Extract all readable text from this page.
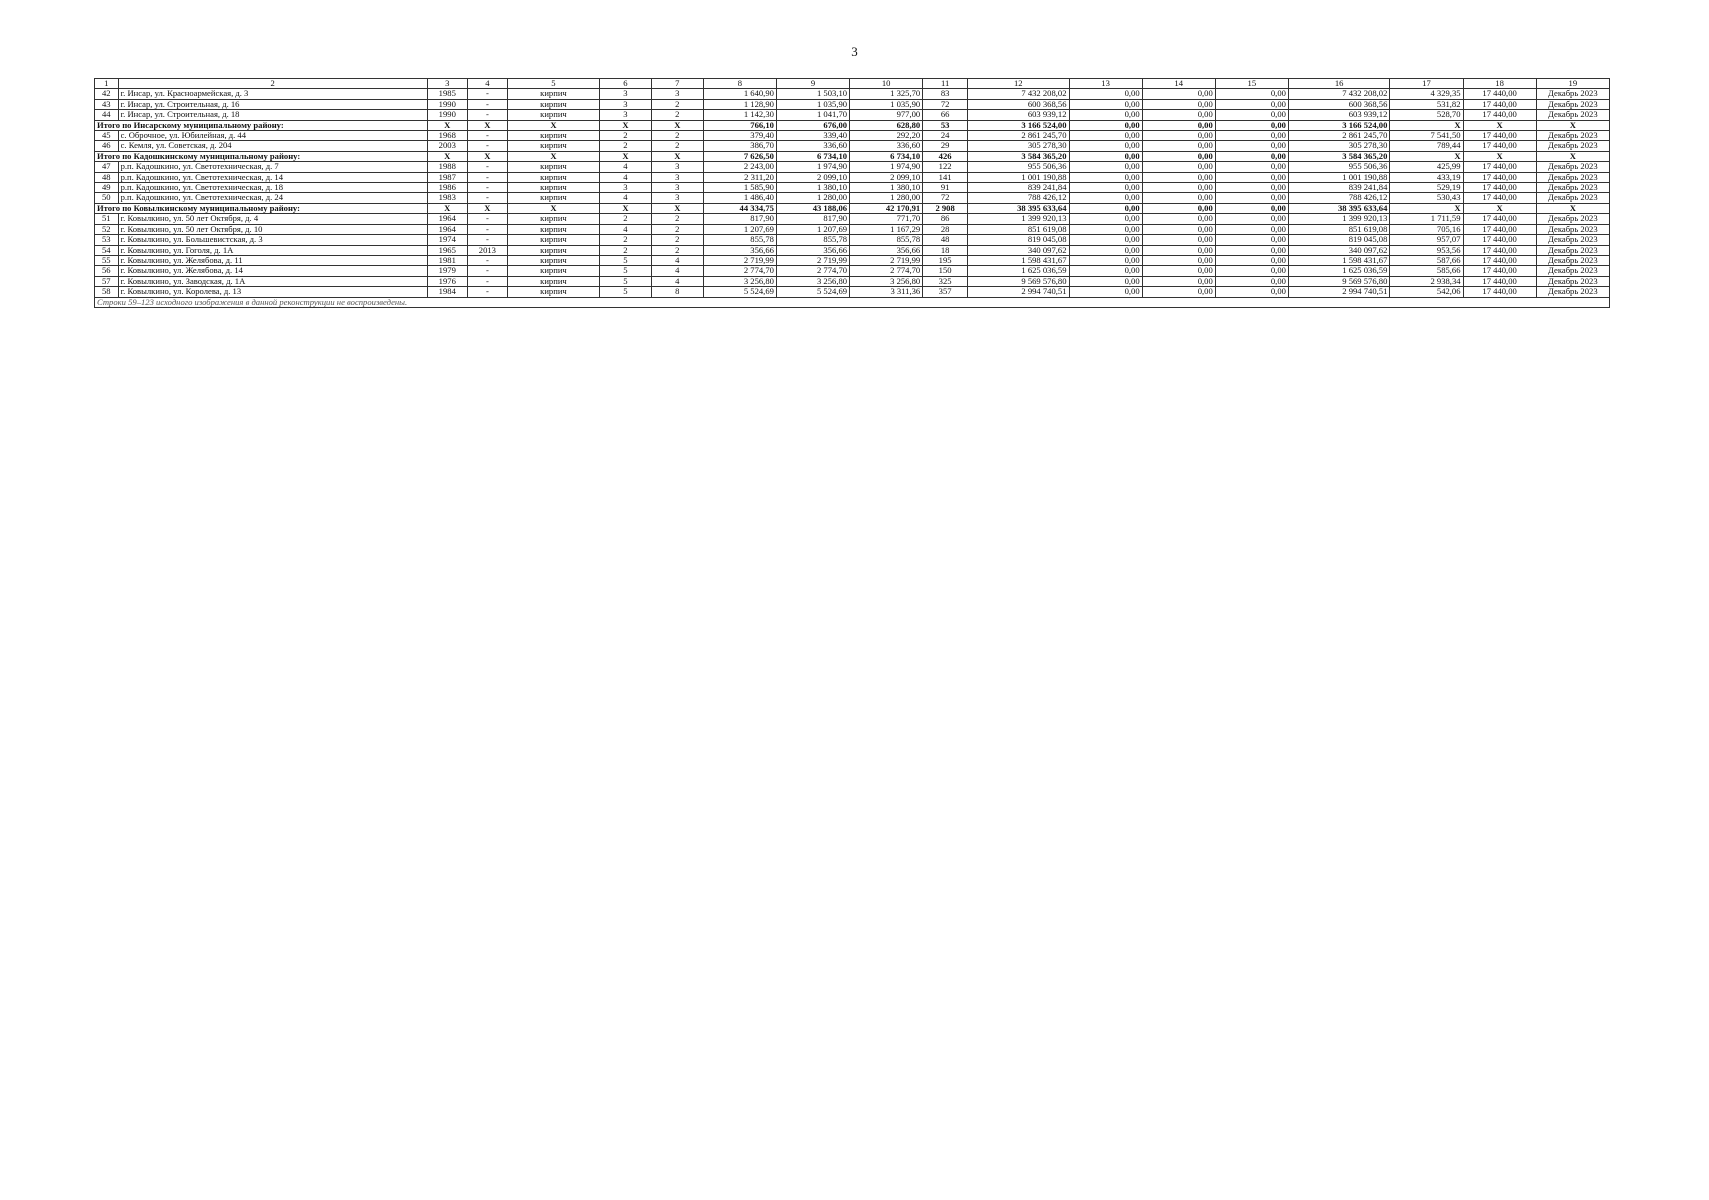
3
1	2	3	4	5	6	7	8	9	10	11	12	13	14	15	16	17	18	19
42	г. Инсар, ул. Красноармейская, д. 3	1985	-	кирпич	3	3	1 640,90	1 503,10	1 325,70	83	7 432 208,02	0,00	0,00	0,00	7 432 208,02	4 329,35	17 440,00	Декабрь 2023
43	г. Инсар, ул. Строительная, д. 16	1990	-	кирпич	3	2	1 128,90	1 035,90	1 035,90	72	600 368,56	0,00	0,00	0,00	600 368,56	531,82	17 440,00	Декабрь 2023
44	г. Инсар, ул. Строительная, д. 18	1990	-	кирпич	3	2	1 142,30	1 041,70	977,00	66	603 939,12	0,00	0,00	0,00	603 939,12	528,70	17 440,00	Декабрь 2023
Итого по Инсарскому муниципальному району:		X	X	X	X	X	766,10	676,00	628,80	53	3 166 524,00	0,00	0,00	0,00	3 166 524,00	X	X	X
45	с. Оброчное, ул. Юбилейная, д. 44	1968	-	кирпич	2	2	379,40	339,40	292,20	24	2 861 245,70	0,00	0,00	0,00	2 861 245,70	7 541,50	17 440,00	Декабрь 2023
46	с. Кемля, ул. Советская, д. 204	2003	-	кирпич	2	2	386,70	336,60	336,60	29	305 278,30	0,00	0,00	0,00	305 278,30	789,44	17 440,00	Декабрь 2023
Итого по Кадошкинскому муниципальному району:		X	X	X	X	X	7 626,50	6 734,10	6 734,10	426	3 584 365,20	0,00	0,00	0,00	3 584 365,20	X	X	X
47	р.п. Кадошкино, ул. Светотехническая, д. 7	1988	-	кирпич	4	3	2 243,00	1 974,90	1 974,90	122	955 506,36	0,00	0,00	0,00	955 506,36	425,99	17 440,00	Декабрь 2023
48	р.п. Кадошкино, ул. Светотехническая, д. 14	1987	-	кирпич	4	3	2 311,20	2 099,10	2 099,10	141	1 001 190,88	0,00	0,00	0,00	1 001 190,88	433,19	17 440,00	Декабрь 2023
49	р.п. Кадошкино, ул. Светотехническая, д. 18	1986	-	кирпич	3	3	1 585,90	1 380,10	1 380,10	91	839 241,84	0,00	0,00	0,00	839 241,84	529,19	17 440,00	Декабрь 2023
50	р.п. Кадошкино, ул. Светотехническая, д. 24	1983	-	кирпич	4	3	1 486,40	1 280,00	1 280,00	72	788 426,12	0,00	0,00	0,00	788 426,12	530,43	17 440,00	Декабрь 2023
Итого по Ковылкинскому муниципальному району:		X	X	X	X	X	44 334,75	43 188,06	42 170,91	2 908	38 395 633,64	0,00	0,00	0,00	38 395 633,64	X	X	X
51	г. Ковылкино, ул. 50 лет Октября, д. 4	1964	-	кирпич	2	2	817,90	817,90	771,70	86	1 399 920,13	0,00	0,00	0,00	1 399 920,13	1 711,59	17 440,00	Декабрь 2023
52	г. Ковылкино, ул. 50 лет Октября, д. 10	1964	-	кирпич	4	2	1 207,69	1 207,69	1 167,29	28	851 619,08	0,00	0,00	0,00	851 619,08	705,16	17 440,00	Декабрь 2023
53	г. Ковылкино, ул. Большевистская, д. 3	1974	-	кирпич	2	2	855,78	855,78	855,78	48	819 045,08	0,00	0,00	0,00	819 045,08	957,07	17 440,00	Декабрь 2023
54	г. Ковылкино, ул. Гоголя, д. 1А	1965	2013	кирпич	2	2	356,66	356,66	356,66	18	340 097,62	0,00	0,00	0,00	340 097,62	953,56	17 440,00	Декабрь 2023
55	г. Ковылкино, ул. Желябова, д. 11	1981	-	кирпич	5	4	2 719,99	2 719,99	2 719,99	195	1 598 431,67	0,00	0,00	0,00	1 598 431,67	587,66	17 440,00	Декабрь 2023
56	г. Ковылкино, ул. Желябова, д. 14	1979	-	кирпич	5	4	2 774,70	2 774,70	2 774,70	150	1 625 036,59	0,00	0,00	0,00	1 625 036,59	585,66	17 440,00	Декабрь 2023
57	г. Ковылкино, ул. Заводская, д. 1А	1976	-	кирпич	5	4	3 256,80	3 256,80	3 256,80	325	9 569 576,80	0,00	0,00	0,00	9 569 576,80	2 938,34	17 440,00	Декабрь 2023
58	г. Ковылкино, ул. Королева, д. 13	1984	-	кирпич	5	8	5 524,69	5 524,69	3 311,36	357	2 994 740,51	0,00	0,00	0,00	2 994 740,51	542,06	17 440,00	Декабрь 2023
Строки 59–123 исходного изображения в данной реконструкции не воспроизведены.																		
